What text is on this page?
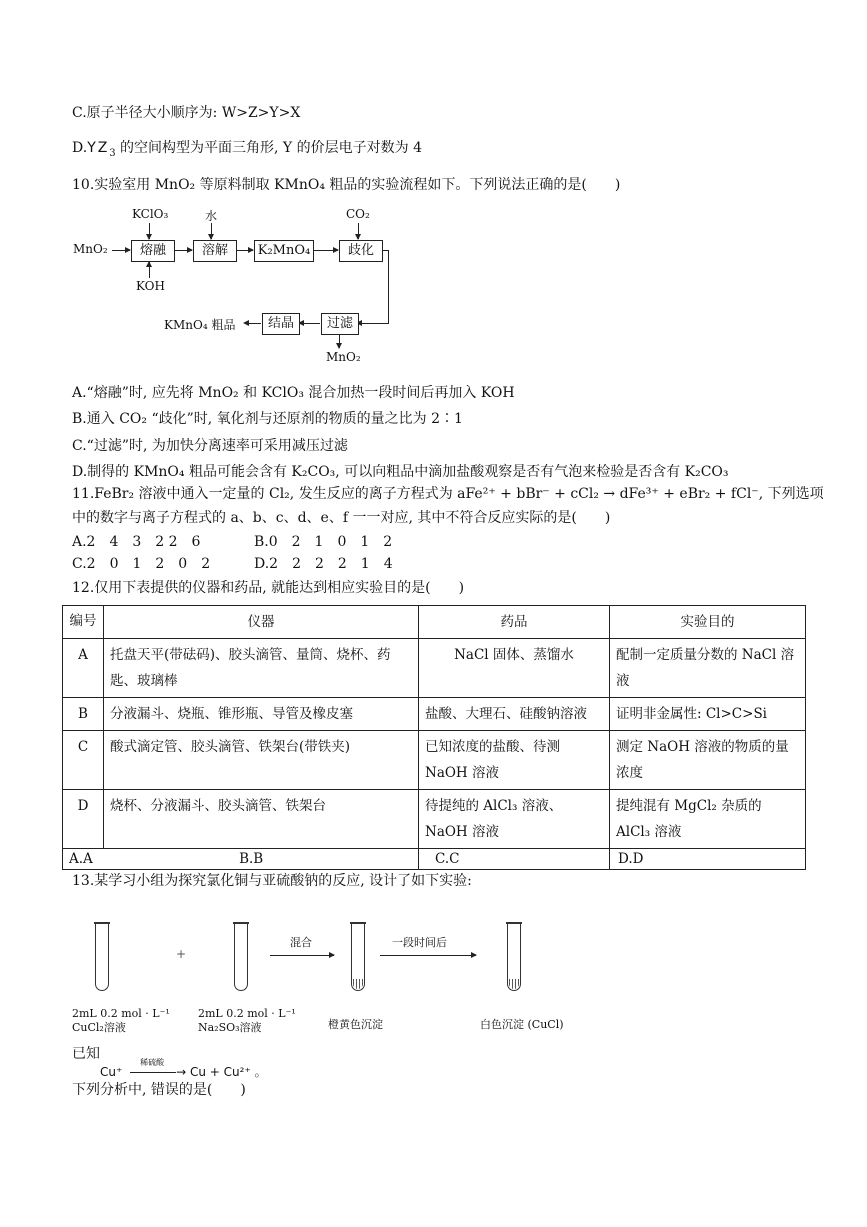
C.原子半径大小顺序为: W>Z>Y>X
$D.YZ_3$ 的空间构型为平面三角形, Y 的价层电子对数为 4
10.实验室用 MnO₂ 等原料制取 KMnO₄ 粗品的实验流程如下。下列说法正确的是(　　)
MnO₂
KClO₃
熔融
KOH
水
溶解	K₂MnO₄
CO₂
歧化
过滤
MnO₂
结晶
KMnO₄ 粗品
A.“熔融”时, 应先将 MnO₂ 和 KClO₃ 混合加热一段时间后再加入 KOH
B.通入 CO₂ “歧化”时, 氧化剂与还原剂的物质的量之比为 2∶1
C.“过滤”时, 为加快分离速率可采用减压过滤
D.制得的 KMnO₄ 粗品可能会含有 K₂CO₃, 可以向粗品中滴加盐酸观察是否有气泡来检验是否含有 K₂CO₃
11.FeBr₂ 溶液中通入一定量的 Cl₂, 发生反应的离子方程式为 aFe²⁺ + bBr⁻ + cCl₂ → dFe³⁺ + eBr₂ + fCl⁻, 下列选项
中的数字与离子方程式的 a、b、c、d、e、f 一一对应, 其中不符合反应实际的是(　　)
A.2　4　3　2 2　6	B.0　2　1　0　1　2
C.2　0　1　2　0　2	D.2　2　2　2　1　4
12.仅用下表提供的仪器和药品, 就能达到相应实验目的是(　　)
编号	仪器	药品	实验目的
A	托盘天平(带砝码)、胶头滴管、量筒、烧杯、药匙、玻璃棒	NaCl 固体、蒸馏水	配制一定质量分数的 NaCl 溶液
B	分液漏斗、烧瓶、锥形瓶、导管及橡皮塞	盐酸、大理石、硅酸钠溶液	证明非金属性: Cl>C>Si
C	酸式滴定管、胶头滴管、铁架台(带铁夹)	已知浓度的盐酸、待测 NaOH 溶液	测定 NaOH 溶液的物质的量浓度
D	烧杯、分液漏斗、胶头滴管、铁架台	待提纯的 AlCl₃ 溶液、NaOH 溶液	提纯混有 MgCl₂ 杂质的 AlCl₃ 溶液
A.A B.B		C.C	D.D
13.某学习小组为探究氯化铜与亚硫酸钠的反应, 设计了如下实验:
2mL 0.2 mol · L⁻¹
CuCl₂溶液
+
2mL 0.2 mol · L⁻¹
Na₂SO₃溶液
混合
橙黄色沉淀
一段时间后
白色沉淀 (CuCl)
已知
Cu⁺
稀硫酸
→ Cu + Cu²⁺ 。
下列分析中, 错误的是(　　)
